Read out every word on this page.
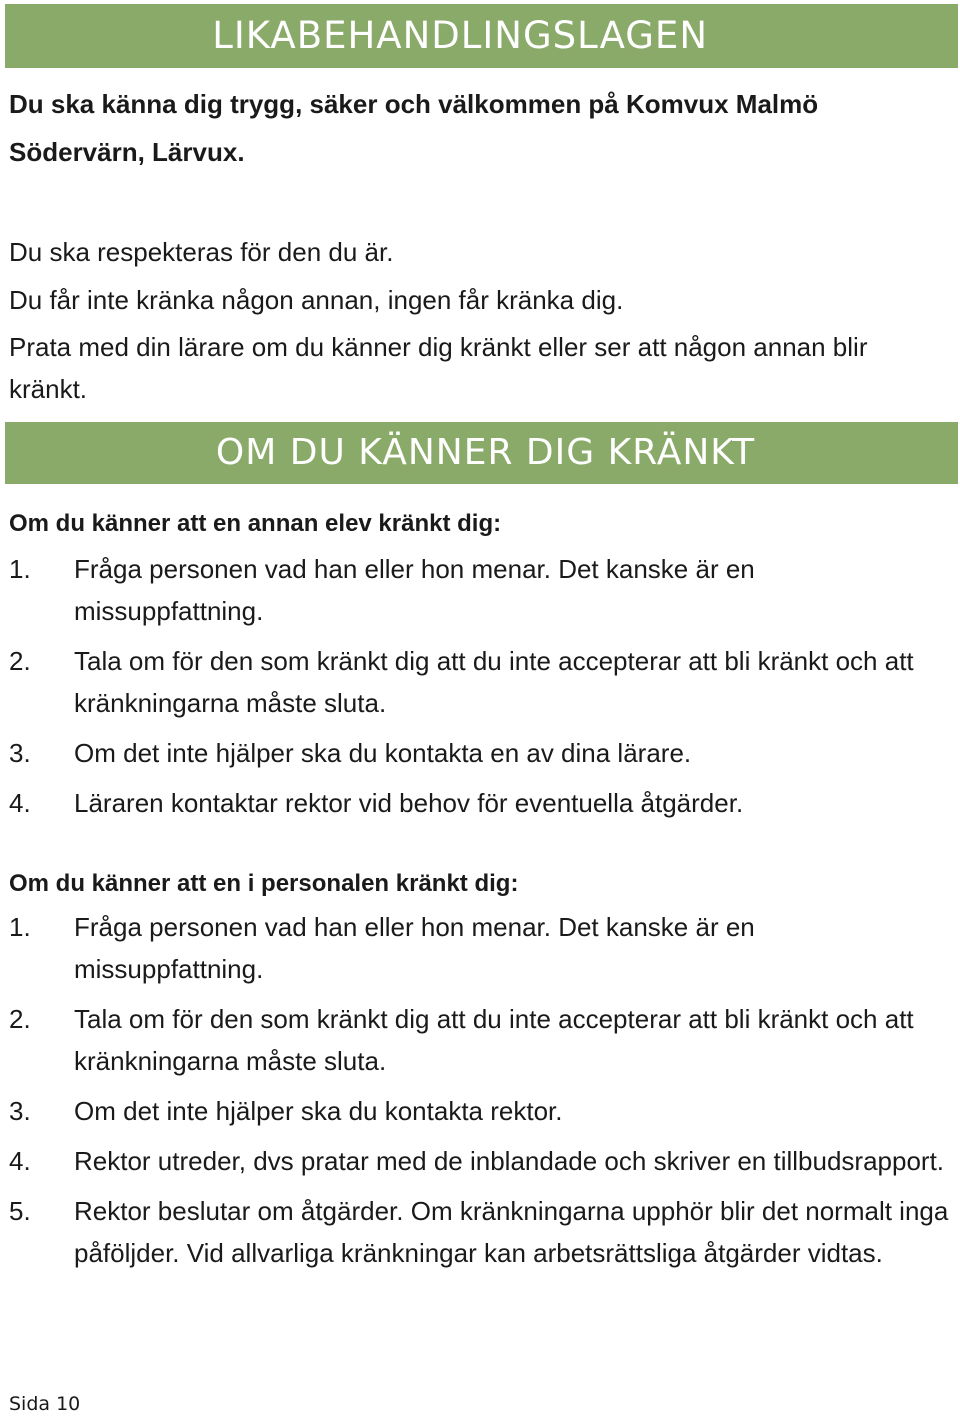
LIKABEHANDLINGSLAGEN
Du ska känna dig trygg, säker och välkommen på Komvux Malmö Södervärn, Lärvux.
Du ska respekteras för den du är.
Du får inte kränka någon annan, ingen får kränka dig.
Prata med din lärare om du känner dig kränkt eller ser att någon annan blir kränkt.
OM DU KÄNNER DIG KRÄNKT
Om du känner att en annan elev kränkt dig:
1.	Fråga personen vad han eller hon menar. Det kanske är en missuppfattning.
2.	Tala om för den som kränkt dig att du inte accepterar att bli kränkt och att kränkningarna måste sluta.
3.	Om det inte hjälper ska du kontakta en av dina lärare.
4.	Läraren kontaktar rektor vid behov för eventuella åtgärder.
Om du känner att en i personalen kränkt dig:
1.	Fråga personen vad han eller hon menar. Det kanske är en missuppfattning.
2.	Tala om för den som kränkt dig att du inte accepterar att bli kränkt och att kränkningarna måste sluta.
3.	Om det inte hjälper ska du kontakta rektor.
4.	Rektor utreder, dvs pratar med de inblandade och skriver en tillbudsrapport.
5.	Rektor beslutar om åtgärder. Om kränkningarna upphör blir det normalt inga påföljder. Vid allvarliga kränkningar kan arbetsrättsliga åtgärder vidtas.
Sida 10
